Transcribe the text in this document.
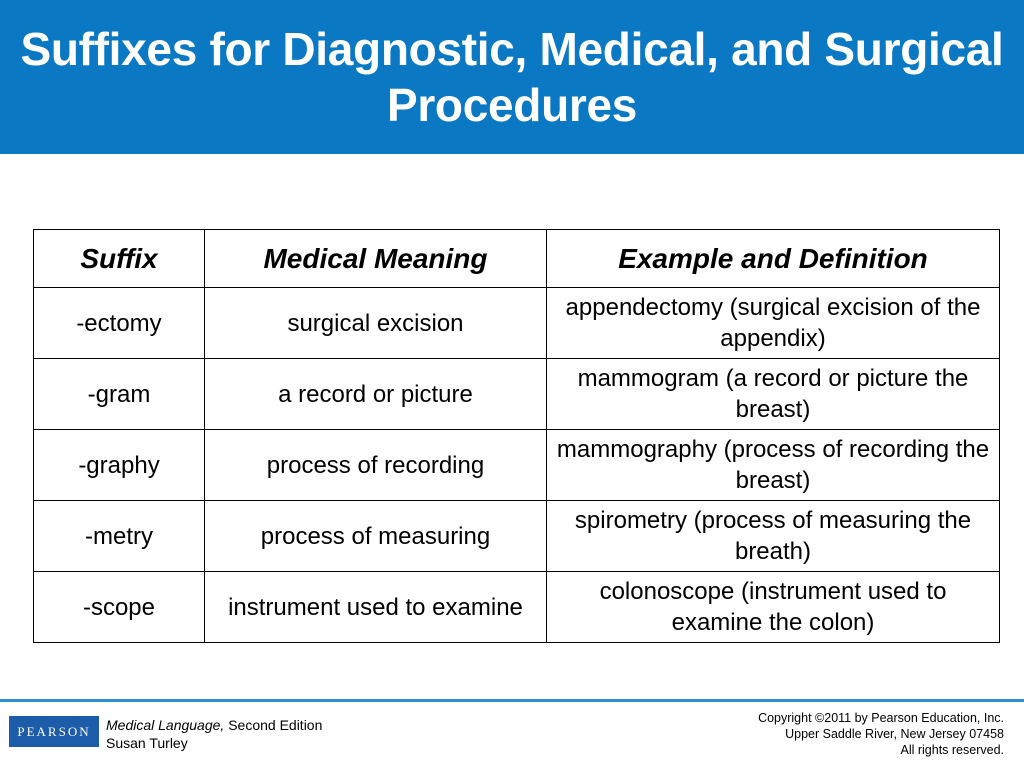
Suffixes for Diagnostic, Medical, and Surgical Procedures
Suffix	Medical Meaning	Example and Definition
-ectomy	surgical excision	appendectomy (surgical excision of the appendix)
-gram	a record or picture	mammogram (a record or picture the breast)
-graphy	process of recording	mammography (process of recording the breast)
-metry	process of measuring	spirometry (process of measuring the breath)
-scope	instrument used to examine	colonoscope (instrument used to examine the colon)
PEARSON	Medical Language, Second Edition
Susan Turley
Copyright ©2011 by Pearson Education, Inc.
Upper Saddle River, New Jersey 07458
All rights reserved.
